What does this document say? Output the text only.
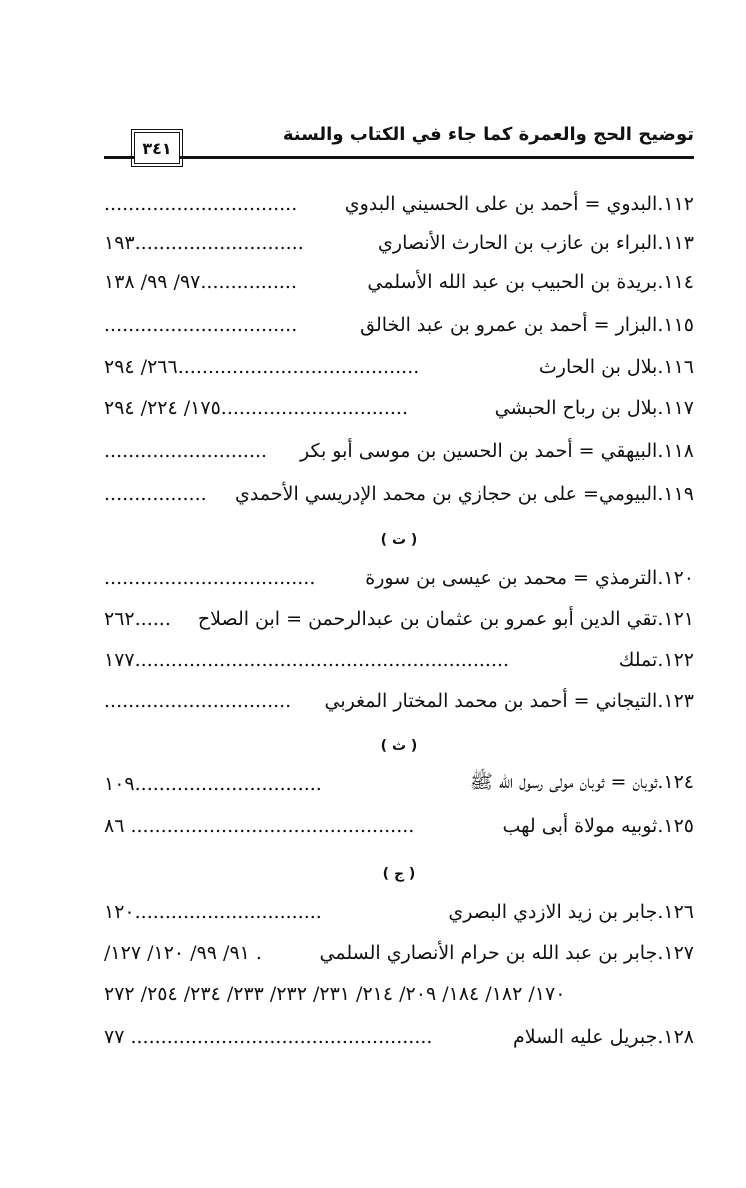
توضيح الحج والعمرة كما جاء في الكتاب والسنة
٣٤١
١١٢.البدوي = أحمد بن على الحسيني البدوي
................................
١١٣.البراء بن عازب بن الحارث الأنصاري
............................١٩٣
١١٤.بريدة بن الحبيب بن عبد الله الأسلمي
................٩٧/ ٩٩/ ١٣٨
١١٥.البزار = أحمد بن عمرو بن عبد الخالق
................................
١١٦.بلال بن الحارث
........................................٢٦٦/ ٢٩٤
١١٧.بلال بن رباح الحبشي
...............................١٧٥/ ٢٢٤/ ٢٩٤
١١٨.البيهقي = أحمد بن الحسين بن موسى أبو بكر
...........................
١١٩.البيومي= على بن حجازي بن محمد الإدريسي الأحمدي
.................
( ت )
١٢٠.الترمذي = محمد بن عيسى بن سورة
...................................
١٢١.تقي الدين أبو عمرو بن عثمان بن عبدالرحمن = ابن الصلاح
......٢٦٢
١٢٢.تملك
..............................................................١٧٧
١٢٣.التيجاني = أحمد بن محمد المختار المغربي
...............................
( ث )
١٢٤.ثوبان = ثوبان مولى رسول الله ﷺ
...............................١٠٩
١٢٥.ثوبيه مولاة أبى لهب
............................................... ٨٦
( ج )
١٢٦.جابر بن زيد الازدي البصري
...............................١٢٠
١٢٧.جابر بن عبد الله بن حرام الأنصاري السلمي
. ٩١/ ٩٩/ ١٢٠/ ١٢٧/
١٧٠/ ١٨٢/ ١٨٤/ ٢٠٩/ ٢١٤/ ٢٣١/ ٢٣٢/ ٢٣٣/ ٢٣٤/ ٢٥٤/ ٢٧٢
١٢٨.جبريل عليه السلام
.................................................. ٧٧
